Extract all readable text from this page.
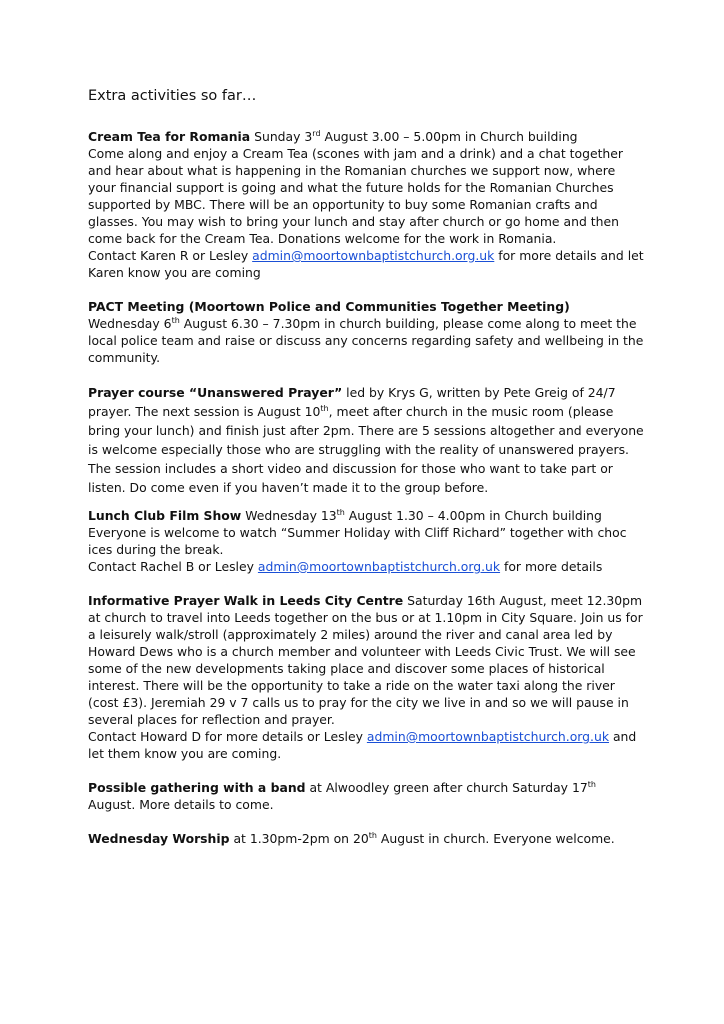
Extra activities so far…

Cream Tea for Romania Sunday 3rd August 3.00 – 5.00pm in Church building

Come along and enjoy a Cream Tea (scones with jam and a drink) and a chat together and hear about what is happening in the Romanian churches we support now, where your financial support is going and what the future holds for the Romanian Churches supported by MBC. There will be an opportunity to buy some Romanian crafts and glasses. You may wish to bring your lunch and stay after church or go home and then come back for the Cream Tea. Donations welcome for the work in Romania.

Contact Karen R or Lesley admin@moortownbaptistchurch.org.uk for more details and let Karen know you are coming

PACT Meeting (Moortown Police and Communities Together Meeting) Wednesday 6th August 6.30 – 7.30pm in church building, please come along to meet the local police team and raise or discuss any concerns regarding safety and wellbeing in the community.

Prayer course “Unanswered Prayer” led by Krys G, written by Pete Greig of 24/7 prayer. The next session is August 10th, meet after church in the music room (please bring your lunch) and finish just after 2pm. There are 5 sessions altogether and everyone is welcome especially those who are struggling with the reality of unanswered prayers. The session includes a short video and discussion for those who want to take part or listen. Do come even if you haven’t made it to the group before.

Lunch Club Film Show Wednesday 13th August 1.30 – 4.00pm in Church building

Everyone is welcome to watch “Summer Holiday with Cliff Richard” together with choc ices during the break.

Contact Rachel B or Lesley admin@moortownbaptistchurch.org.uk for more details

Informative Prayer Walk in Leeds City Centre Saturday 16th August, meet 12.30pm at church to travel into Leeds together on the bus or at 1.10pm in City Square. Join us for a leisurely walk/stroll (approximately 2 miles) around the river and canal area led by Howard Dews who is a church member and volunteer with Leeds Civic Trust. We will see some of the new developments taking place and discover some places of historical interest. There will be the opportunity to take a ride on the water taxi along the river (cost £3). Jeremiah 29 v 7 calls us to pray for the city we live in and so we will pause in several places for reflection and prayer.

Contact Howard D for more details or Lesley admin@moortownbaptistchurch.org.uk and let them know you are coming.

Possible gathering with a band at Alwoodley green after church Saturday 17th August. More details to come.

Wednesday Worship at 1.30pm-2pm on 20th August in church. Everyone welcome.
